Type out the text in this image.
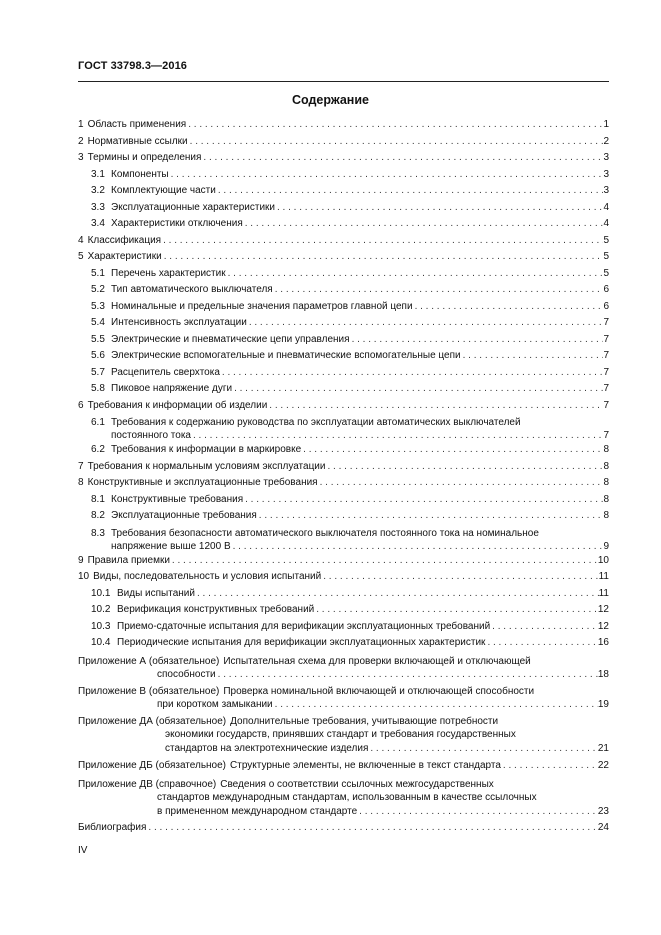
ГОСТ 33798.3—2016
Содержание
1 Область применения . . .	1
2 Нормативные ссылки . . .	2
3 Термины и определения . . .	3
3.1 Компоненты . . .	3
3.2 Комплектующие части . . .	3
3.3 Эксплуатационные характеристики . . .	4
3.4 Характеристики отключения . . .	4
4 Классификация . . .	5
5 Характеристики . . .	5
5.1 Перечень характеристик . . .	5
5.2 Тип автоматического выключателя . . .	6
5.3 Номинальные и предельные значения параметров главной цепи . . .	6
5.4 Интенсивность эксплуатации . . .	7
5.5 Электрические и пневматические цепи управления . . .	7
5.6 Электрические вспомогательные и пневматические вспомогательные цепи . . .	7
5.7 Расцепитель сверхтока . . .	7
5.8 Пиковое напряжение дуги . . .	7
6 Требования к информации об изделии . . .	7
6.1 Требования к содержанию руководства по эксплуатации автоматических выключателей
постоянного тока . . .	7
6.2 Требования к информации в маркировке . . .	8
7 Требования к нормальным условиям эксплуатации . . .	8
8 Конструктивные и эксплуатационные требования . . .	8
8.1 Конструктивные требования . . .	8
8.2 Эксплуатационные требования . . .	8
8.3 Требования безопасности автоматического выключателя постоянного тока на номинальное
напряжение выше 1200 В . . .	9
9 Правила приемки . . .	10
10 Виды, последовательность и условия испытаний . . .	11
10.1 Виды испытаний . . .	11
10.2 Верификация конструктивных требований . . .	12
10.3 Приемо-сдаточные испытания для верификации эксплуатационных требований . . .	12
10.4 Периодические испытания для верификации эксплуатационных характеристик . . .	16
Приложение А (обязательное) Испытательная схема для проверки включающей и отключающей
способности . . .	18
Приложение В (обязательное) Проверка номинальной включающей и отключающей способности
при коротком замыкании . . .	19
Приложение ДА (обязательное) Дополнительные требования, учитывающие потребности
экономики государств, принявших стандарт и требования государственных
стандартов на электротехнические изделия . . .	21
Приложение ДБ (обязательное) Структурные элементы, не включенные в текст стандарта . . .	22
Приложение ДВ (справочное) Сведения о соответствии ссылочных межгосударственных
стандартов международным стандартам, использованным в качестве ссылочных
в примененном международном стандарте . . .	23
Библиография . . .	24
IV
